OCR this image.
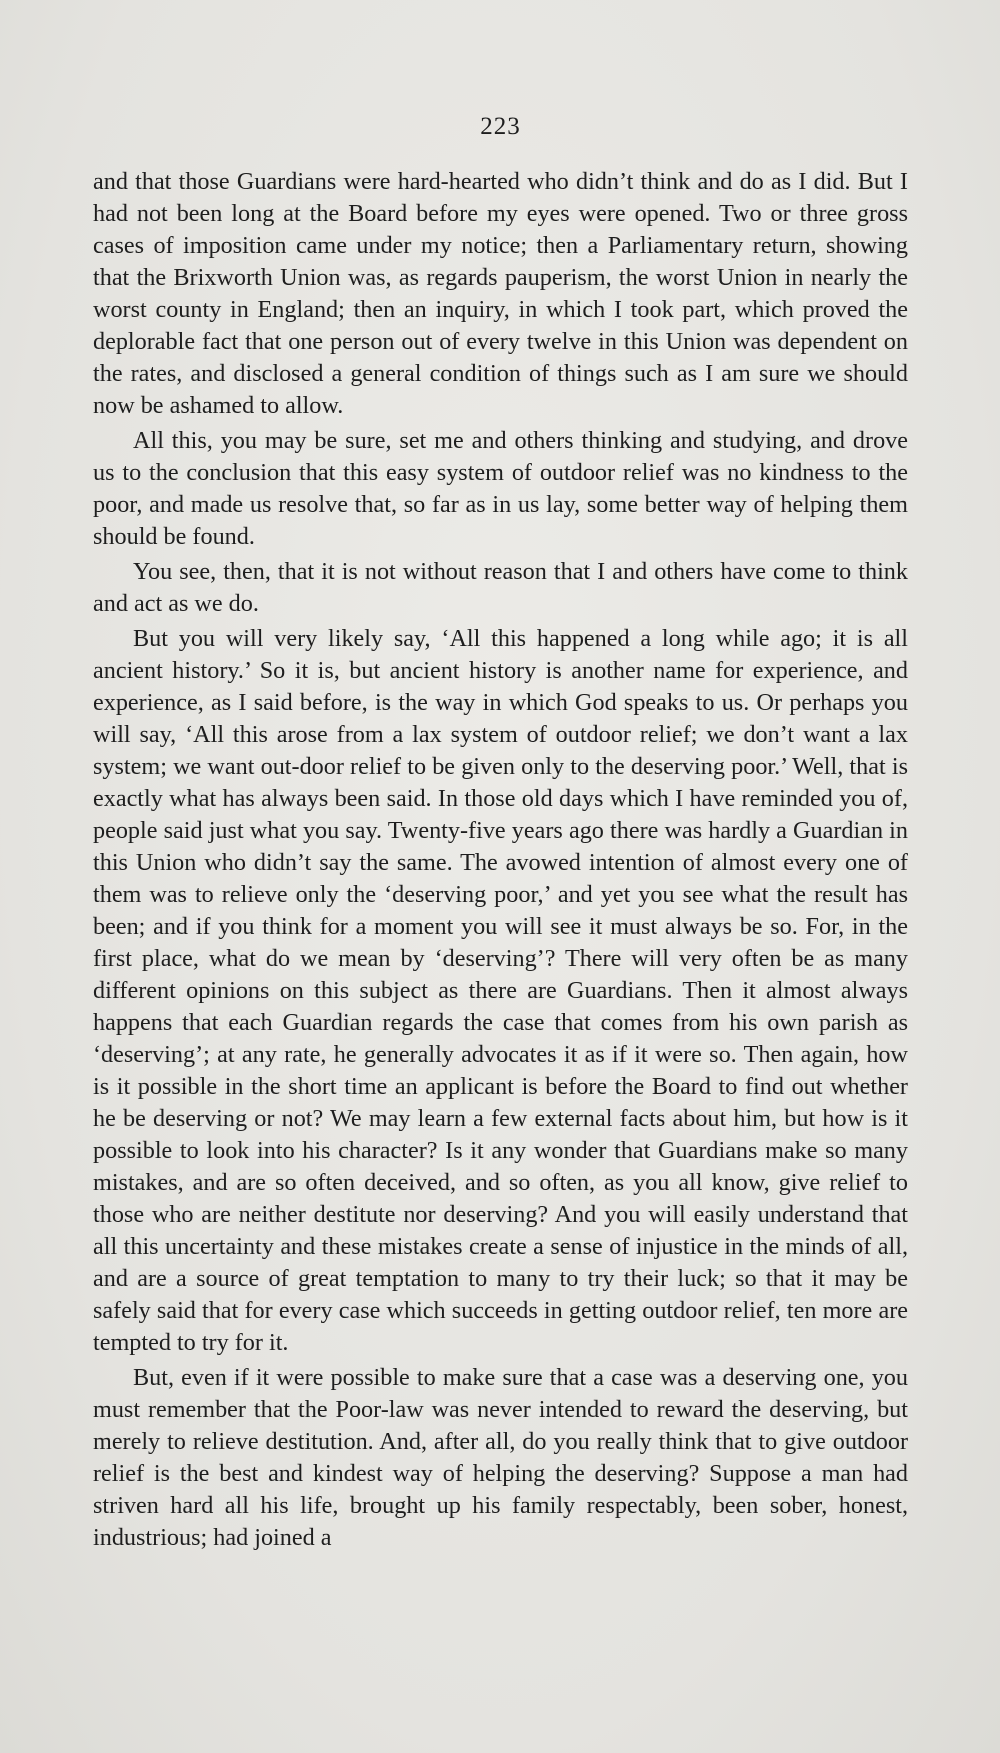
223

and that those Guardians were hard-hearted who didn’t think and do as I did. But I had not been long at the Board before my eyes were opened. Two or three gross cases of imposition came under my notice; then a Parliamentary return, showing that the Brixworth Union was, as regards pauperism, the worst Union in nearly the worst county in England; then an inquiry, in which I took part, which proved the deplorable fact that one person out of every twelve in this Union was dependent on the rates, and disclosed a general condition of things such as I am sure we should now be ashamed to allow.

All this, you may be sure, set me and others thinking and studying, and drove us to the conclusion that this easy system of outdoor relief was no kindness to the poor, and made us resolve that, so far as in us lay, some better way of helping them should be found.

You see, then, that it is not without reason that I and others have come to think and act as we do.

But you will very likely say, ‘All this happened a long while ago; it is all ancient history.’ So it is, but ancient history is another name for experience, and experience, as I said before, is the way in which God speaks to us. Or perhaps you will say, ‘All this arose from a lax system of outdoor relief; we don’t want a lax system; we want out-door relief to be given only to the deserving poor.’ Well, that is exactly what has always been said. In those old days which I have reminded you of, people said just what you say. Twenty-five years ago there was hardly a Guardian in this Union who didn’t say the same. The avowed intention of almost every one of them was to relieve only the ‘deserving poor,’ and yet you see what the result has been; and if you think for a moment you will see it must always be so. For, in the first place, what do we mean by ‘deserving’? There will very often be as many different opinions on this subject as there are Guardians. Then it almost always happens that each Guardian regards the case that comes from his own parish as ‘deserving’; at any rate, he generally advocates it as if it were so. Then again, how is it possible in the short time an applicant is before the Board to find out whether he be deserving or not? We may learn a few external facts about him, but how is it possible to look into his character? Is it any wonder that Guardians make so many mistakes, and are so often deceived, and so often, as you all know, give relief to those who are neither destitute nor deserving? And you will easily understand that all this uncertainty and these mistakes create a sense of injustice in the minds of all, and are a source of great temptation to many to try their luck; so that it may be safely said that for every case which succeeds in getting outdoor relief, ten more are tempted to try for it.

But, even if it were possible to make sure that a case was a deserving one, you must remember that the Poor-law was never intended to reward the deserving, but merely to relieve destitution. And, after all, do you really think that to give outdoor relief is the best and kindest way of helping the deserving? Suppose a man had striven hard all his life, brought up his family respectably, been sober, honest, industrious; had joined a
